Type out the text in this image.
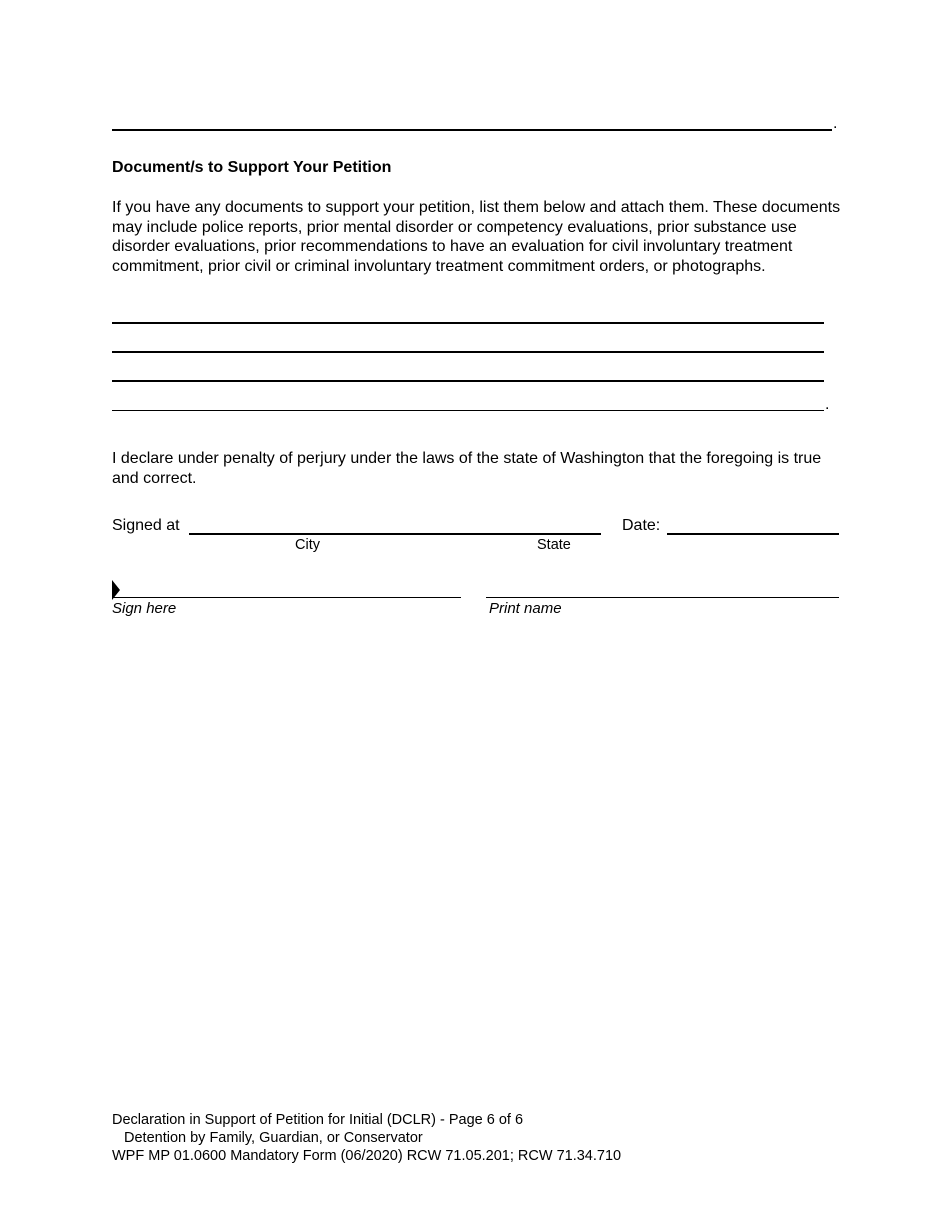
.
Document/s to Support Your Petition
If you have any documents to support your petition, list them below and attach them. These documents may include police reports, prior mental disorder or competency evaluations, prior substance use disorder evaluations, prior recommendations to have an evaluation for civil involuntary treatment commitment, prior civil or criminal involuntary treatment commitment orders, or photographs.
.
I declare under penalty of perjury under the laws of the state of Washington that the foregoing is true and correct.
Signed at
City	State
Date:
Sign here	Print name
Declaration in Support of Petition for Initial (DCLR) - Page 6 of 6
Detention by Family, Guardian, or Conservator
WPF MP 01.0600 Mandatory Form (06/2020) RCW 71.05.201; RCW 71.34.710
